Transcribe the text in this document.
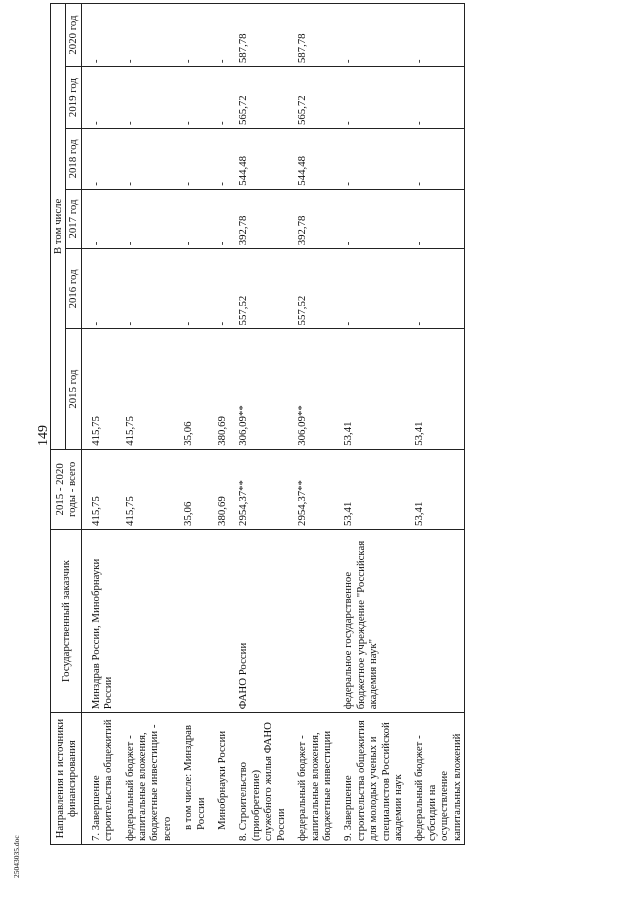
149
Направления и источники финансирования	Государственный заказчик	2015 - 2020 годы - всего	В том числе					
			2015 год	2016 год	2017 год	2018 год	2019 год	2020 год
7. Завершение строительства общежитий	Минздрав России, Минобрнауки России	415,75	415,75	-	-	-	-	-
федеральный бюджет - капитальные вложения, бюджетные инвестиции - всего		415,75	415,75	-	-	-	-	-
в том числе: Минздрав России		35,06	35,06	-	-	-	-	-
Минобрнауки России		380,69	380,69	-	-	-	-	-
8. Строительство (приобретение) служебного жилья ФАНО России	ФАНО России	2954,37**	306,09**	557,52	392,78	544,48	565,72	587,78
федеральный бюджет - капитальные вложения, бюджетные инвестиции		2954,37**	306,09**	557,52	392,78	544,48	565,72	587,78
9. Завершение строительства общежития для молодых ученых и специалистов Российской академии наук	федеральное государственное бюджетное учреждение "Российская академия наук"	53,41	53,41	-	-	-	-	-
федеральный бюджет - субсидии на осуществление капитальных вложений		53,41	53,41	-	-	-	-	-
25043035.doc
